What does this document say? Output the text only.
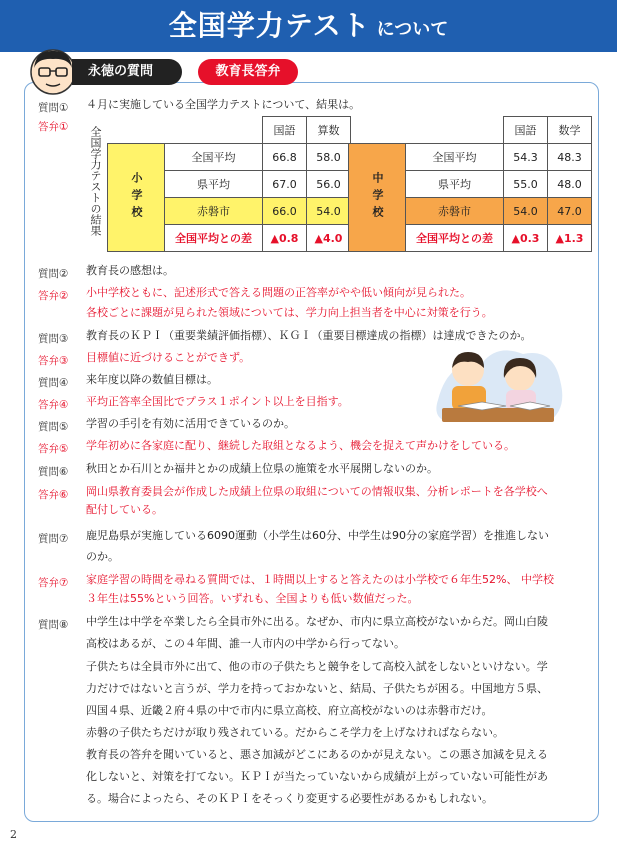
全国学力テスト について
永徳の質問	教育長答弁
質問① ４月に実施している全国学力テストについて、結果は。
答弁① 全国学力テストの結果
			国語	算数
小学校	全国平均	66.8	58.0
	県平均	67.0	56.0
	赤磐市	66.0	54.0
	全国平均との差	▲0.8	▲4.0
		国語	数学
中学校	全国平均	54.3	48.3
	県平均	55.0	48.0
	赤磐市	54.0	47.0
	全国平均との差	▲0.3	▲1.3
質問② 教育長の感想は。
答弁② 小中学校ともに、記述形式で答える問題の正答率がやや低い傾向が見られた。
各校ごとに課題が見られた領域については、学力向上担当者を中心に対策を行う。
質問③ 教育長のＫＰＩ（重要業績評価指標）、ＫＧＩ（重要目標達成の指標）は達成できたのか。
答弁③ 目標値に近づけることができず。
質問④ 来年度以降の数値目標は。
答弁④ 平均正答率全国比でプラス１ポイント以上を目指す。
質問⑤ 学習の手引を有効に活用できているのか。
答弁⑤ 学年初めに各家庭に配り、継続した取組となるよう、機会を捉えて声かけをしている。
質問⑥ 秋田とか石川とか福井とかの成績上位県の施策を水平展開しないのか。
答弁⑥ 岡山県教育委員会が作成した成績上位県の取組についての情報収集、分析レポートを各学校へ
配付している。
質問⑦ 鹿児島県が実施している6090運動（小学生は60分、中学生は90分の家庭学習）を推進しない
のか。
答弁⑦ 家庭学習の時間を尋ねる質問では、１時間以上すると答えたのは小学校で６年生52%、 中学校
３年生は55%という回答。いずれも、全国よりも低い数値だった。
質問⑧ 中学生は中学を卒業したら全員市外に出る。なぜか、市内に県立高校がないからだ。岡山白陵
高校はあるが、この４年間、誰一人市内の中学から行ってない。
子供たちは全員市外に出て、他の市の子供たちと競争をして高校入試をしないといけない。学
力だけではないと言うが、学力を持っておかないと、結局、子供たちが困る。中国地方５県、
四国４県、近畿２府４県の中で市内に県立高校、府立高校がないのは赤磐市だけ。
赤磐の子供たちだけが取り残されている。だからこそ学力を上げなければならない。
教育長の答弁を聞いていると、悪さ加減がどこにあるのかが見えない。この悪さ加減を見える
化しないと、対策を打てない。ＫＰＩが当たっていないから成績が上がっていない可能性があ
る。場合によったら、そのＫＰＩをそっくり変更する必要性があるかもしれない。
2
